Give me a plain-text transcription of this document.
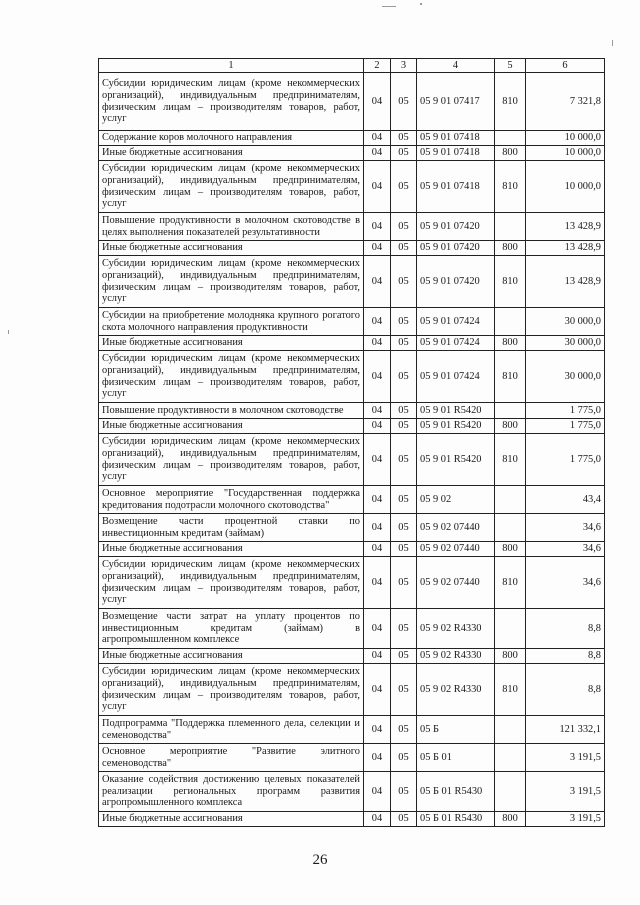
1	2	3	4	5	6
Субсидии юридическим лицам (кроме некоммерческих организаций), индивидуальным предпринимателям, физическим лицам – производителям товаров, работ, услуг	04	05	05 9 01 07417	810	7 321,8
Содержание коров молочного направления	04	05	05 9 01 07418		10 000,0
Иные бюджетные ассигнования	04	05	05 9 01 07418	800	10 000,0
Субсидии юридическим лицам (кроме некоммерческих организаций), индивидуальным предпринимателям, физическим лицам – производителям товаров, работ, услуг	04	05	05 9 01 07418	810	10 000,0
Повышение продуктивности в молочном скотоводстве в целях выполнения показателей результативности	04	05	05 9 01 07420		13 428,9
Иные бюджетные ассигнования	04	05	05 9 01 07420	800	13 428,9
Субсидии юридическим лицам (кроме некоммерческих организаций), индивидуальным предпринимателям, физическим лицам – производителям товаров, работ, услуг	04	05	05 9 01 07420	810	13 428,9
Субсидии на приобретение молодняка крупного рогатого скота молочного направления продуктивности	04	05	05 9 01 07424		30 000,0
Иные бюджетные ассигнования	04	05	05 9 01 07424	800	30 000,0
Субсидии юридическим лицам (кроме некоммерческих организаций), индивидуальным предпринимателям, физическим лицам – производителям товаров, работ, услуг	04	05	05 9 01 07424	810	30 000,0
Повышение продуктивности в молочном скотоводстве	04	05	05 9 01 R5420		1 775,0
Иные бюджетные ассигнования	04	05	05 9 01 R5420	800	1 775,0
Субсидии юридическим лицам (кроме некоммерческих организаций), индивидуальным предпринимателям, физическим лицам – производителям товаров, работ, услуг	04	05	05 9 01 R5420	810	1 775,0
Основное мероприятие "Государственная поддержка кредитования подотрасли молочного скотоводства"	04	05	05 9 02		43,4
Возмещение части процентной ставки по инвестиционным кредитам (займам)	04	05	05 9 02 07440		34,6
Иные бюджетные ассигнования	04	05	05 9 02 07440	800	34,6
Субсидии юридическим лицам (кроме некоммерческих организаций), индивидуальным предпринимателям, физическим лицам – производителям товаров, работ, услуг	04	05	05 9 02 07440	810	34,6
Возмещение части затрат на уплату процентов по инвестиционным кредитам (займам) в агропромышленном комплексе	04	05	05 9 02 R4330		8,8
Иные бюджетные ассигнования	04	05	05 9 02 R4330	800	8,8
Субсидии юридическим лицам (кроме некоммерческих организаций), индивидуальным предпринимателям, физическим лицам – производителям товаров, работ, услуг	04	05	05 9 02 R4330	810	8,8
Подпрограмма "Поддержка племенного дела, селекции и семеноводства"	04	05	05 Б		121 332,1
Основное мероприятие "Развитие элитного семеноводства"	04	05	05 Б 01		3 191,5
Оказание содействия достижению целевых показателей реализации региональных программ развития агропромышленного комплекса	04	05	05 Б 01 R5430		3 191,5
Иные бюджетные ассигнования	04	05	05 Б 01 R5430	800	3 191,5
26
